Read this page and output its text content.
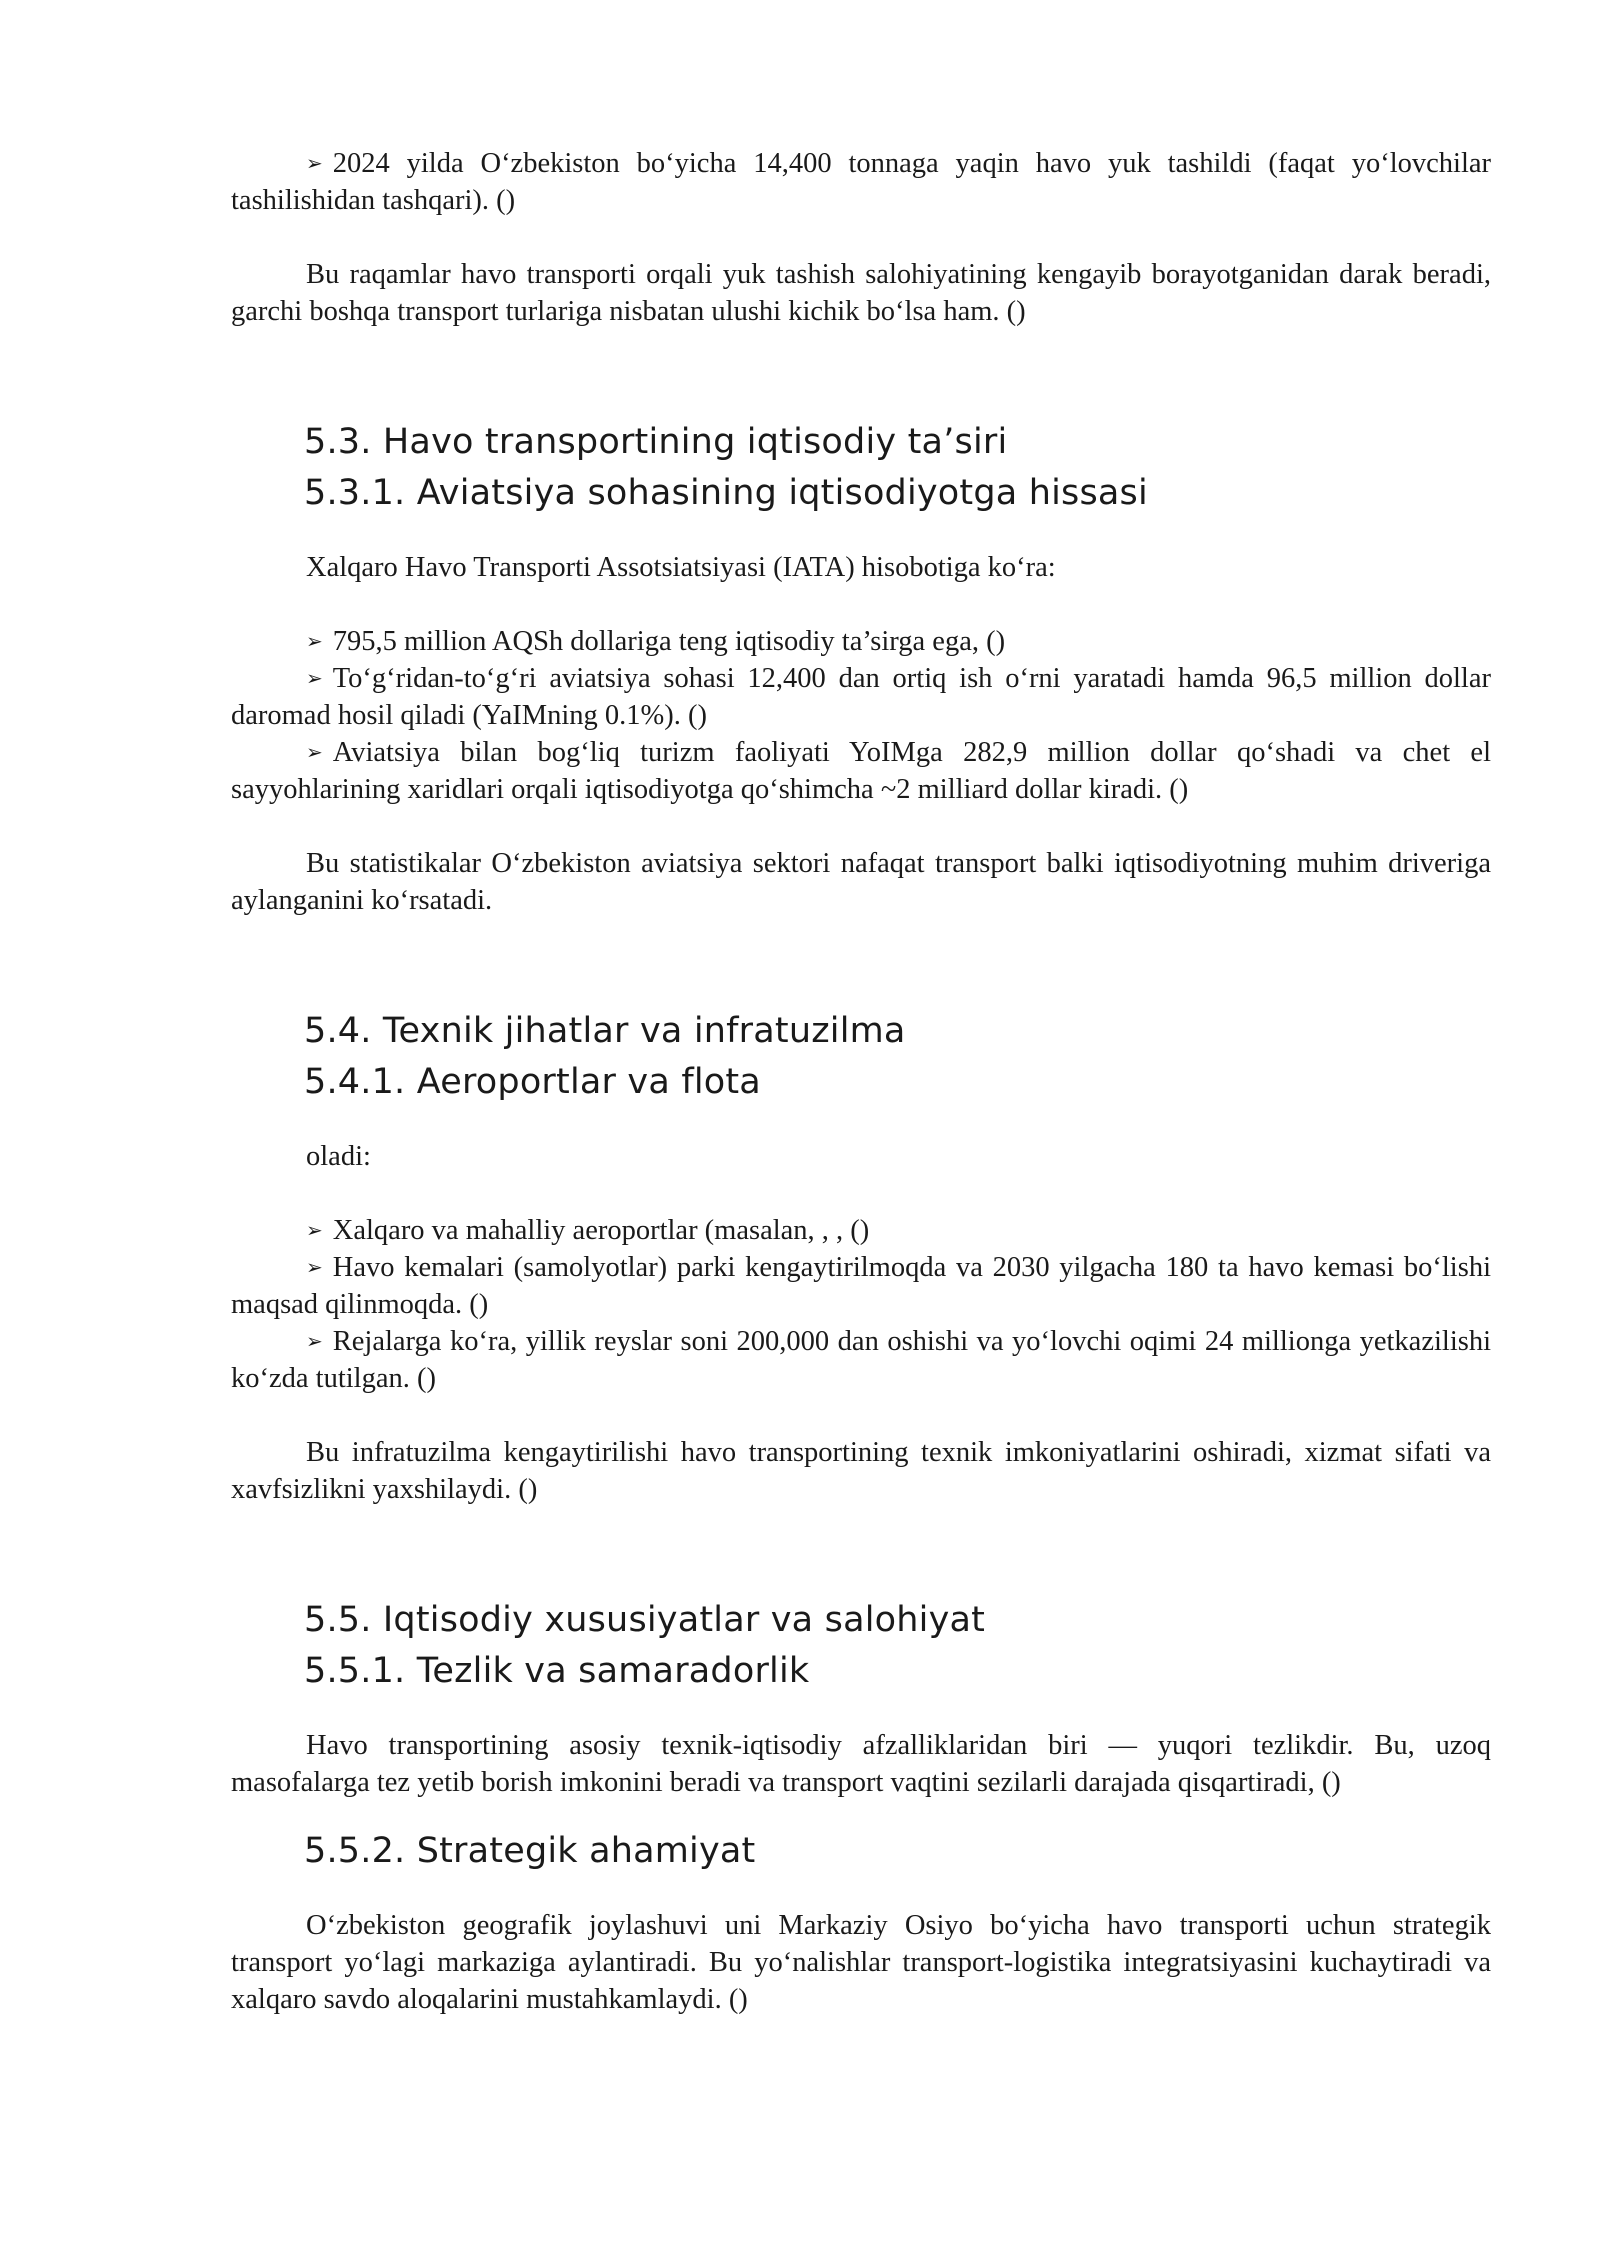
➢ 2024 yilda O‘zbekiston bo‘yicha 14,400 tonnaga yaqin havo yuk tashildi (faqat yo‘lovchilar tashilishidan tashqari). ()

Bu raqamlar havo transporti orqali yuk tashish salohiyatining kengayib borayotganidan darak beradi, garchi boshqa transport turlariga nisbatan ulushi kichik bo‘lsa ham. ()

5.3. Havo transportining iqtisodiy ta’siri
5.3.1. Aviatsiya sohasining iqtisodiyotga hissasi

Xalqaro Havo Transporti Assotsiatsiyasi (IATA) hisobotiga ko‘ra:

➢ 795,5 million AQSh dollariga teng iqtisodiy ta’sirga ega, ()

➢ To‘g‘ridan-to‘g‘ri aviatsiya sohasi 12,400 dan ortiq ish o‘rni yaratadi hamda 96,5 million dollar daromad hosil qiladi (YaIMning 0.1%). ()

➢ Aviatsiya bilan bog‘liq turizm faoliyati YoIMga 282,9 million dollar qo‘shadi va chet el sayyohlarining xaridlari orqali iqtisodiyotga qo‘shimcha ~2 milliard dollar kiradi. ()

Bu statistikalar O‘zbekiston aviatsiya sektori nafaqat transport balki iqtisodiyotning muhim driveriga aylanganini ko‘rsatadi.

5.4. Texnik jihatlar va infratuzilma
5.4.1. Aeroportlar va flota

oladi:

➢ Xalqaro va mahalliy aeroportlar (masalan, , , ()

➢ Havo kemalari (samolyotlar) parki kengaytirilmoqda va 2030 yilgacha 180 ta havo kemasi bo‘lishi maqsad qilinmoqda. ()

➢ Rejalarga ko‘ra, yillik reyslar soni 200,000 dan oshishi va yo‘lovchi oqimi 24 millionga yetkazilishi ko‘zda tutilgan. ()

Bu infratuzilma kengaytirilishi havo transportining texnik imkoniyatlarini oshiradi, xizmat sifati va xavfsizlikni yaxshilaydi. ()

5.5. Iqtisodiy xususiyatlar va salohiyat
5.5.1. Tezlik va samaradorlik

Havo transportining asosiy texnik-iqtisodiy afzalliklaridan biri — yuqori tezlikdir. Bu, uzoq masofalarga tez yetib borish imkonini beradi va transport vaqtini sezilarli darajada qisqartiradi, ()

5.5.2. Strategik ahamiyat

O‘zbekiston geografik joylashuvi uni Markaziy Osiyo bo‘yicha havo transporti uchun strategik transport yo‘lagi markaziga aylantiradi. Bu yo‘nalishlar transport-logistika integratsiyasini kuchaytiradi va xalqaro savdo aloqalarini mustahkamlaydi. ()
